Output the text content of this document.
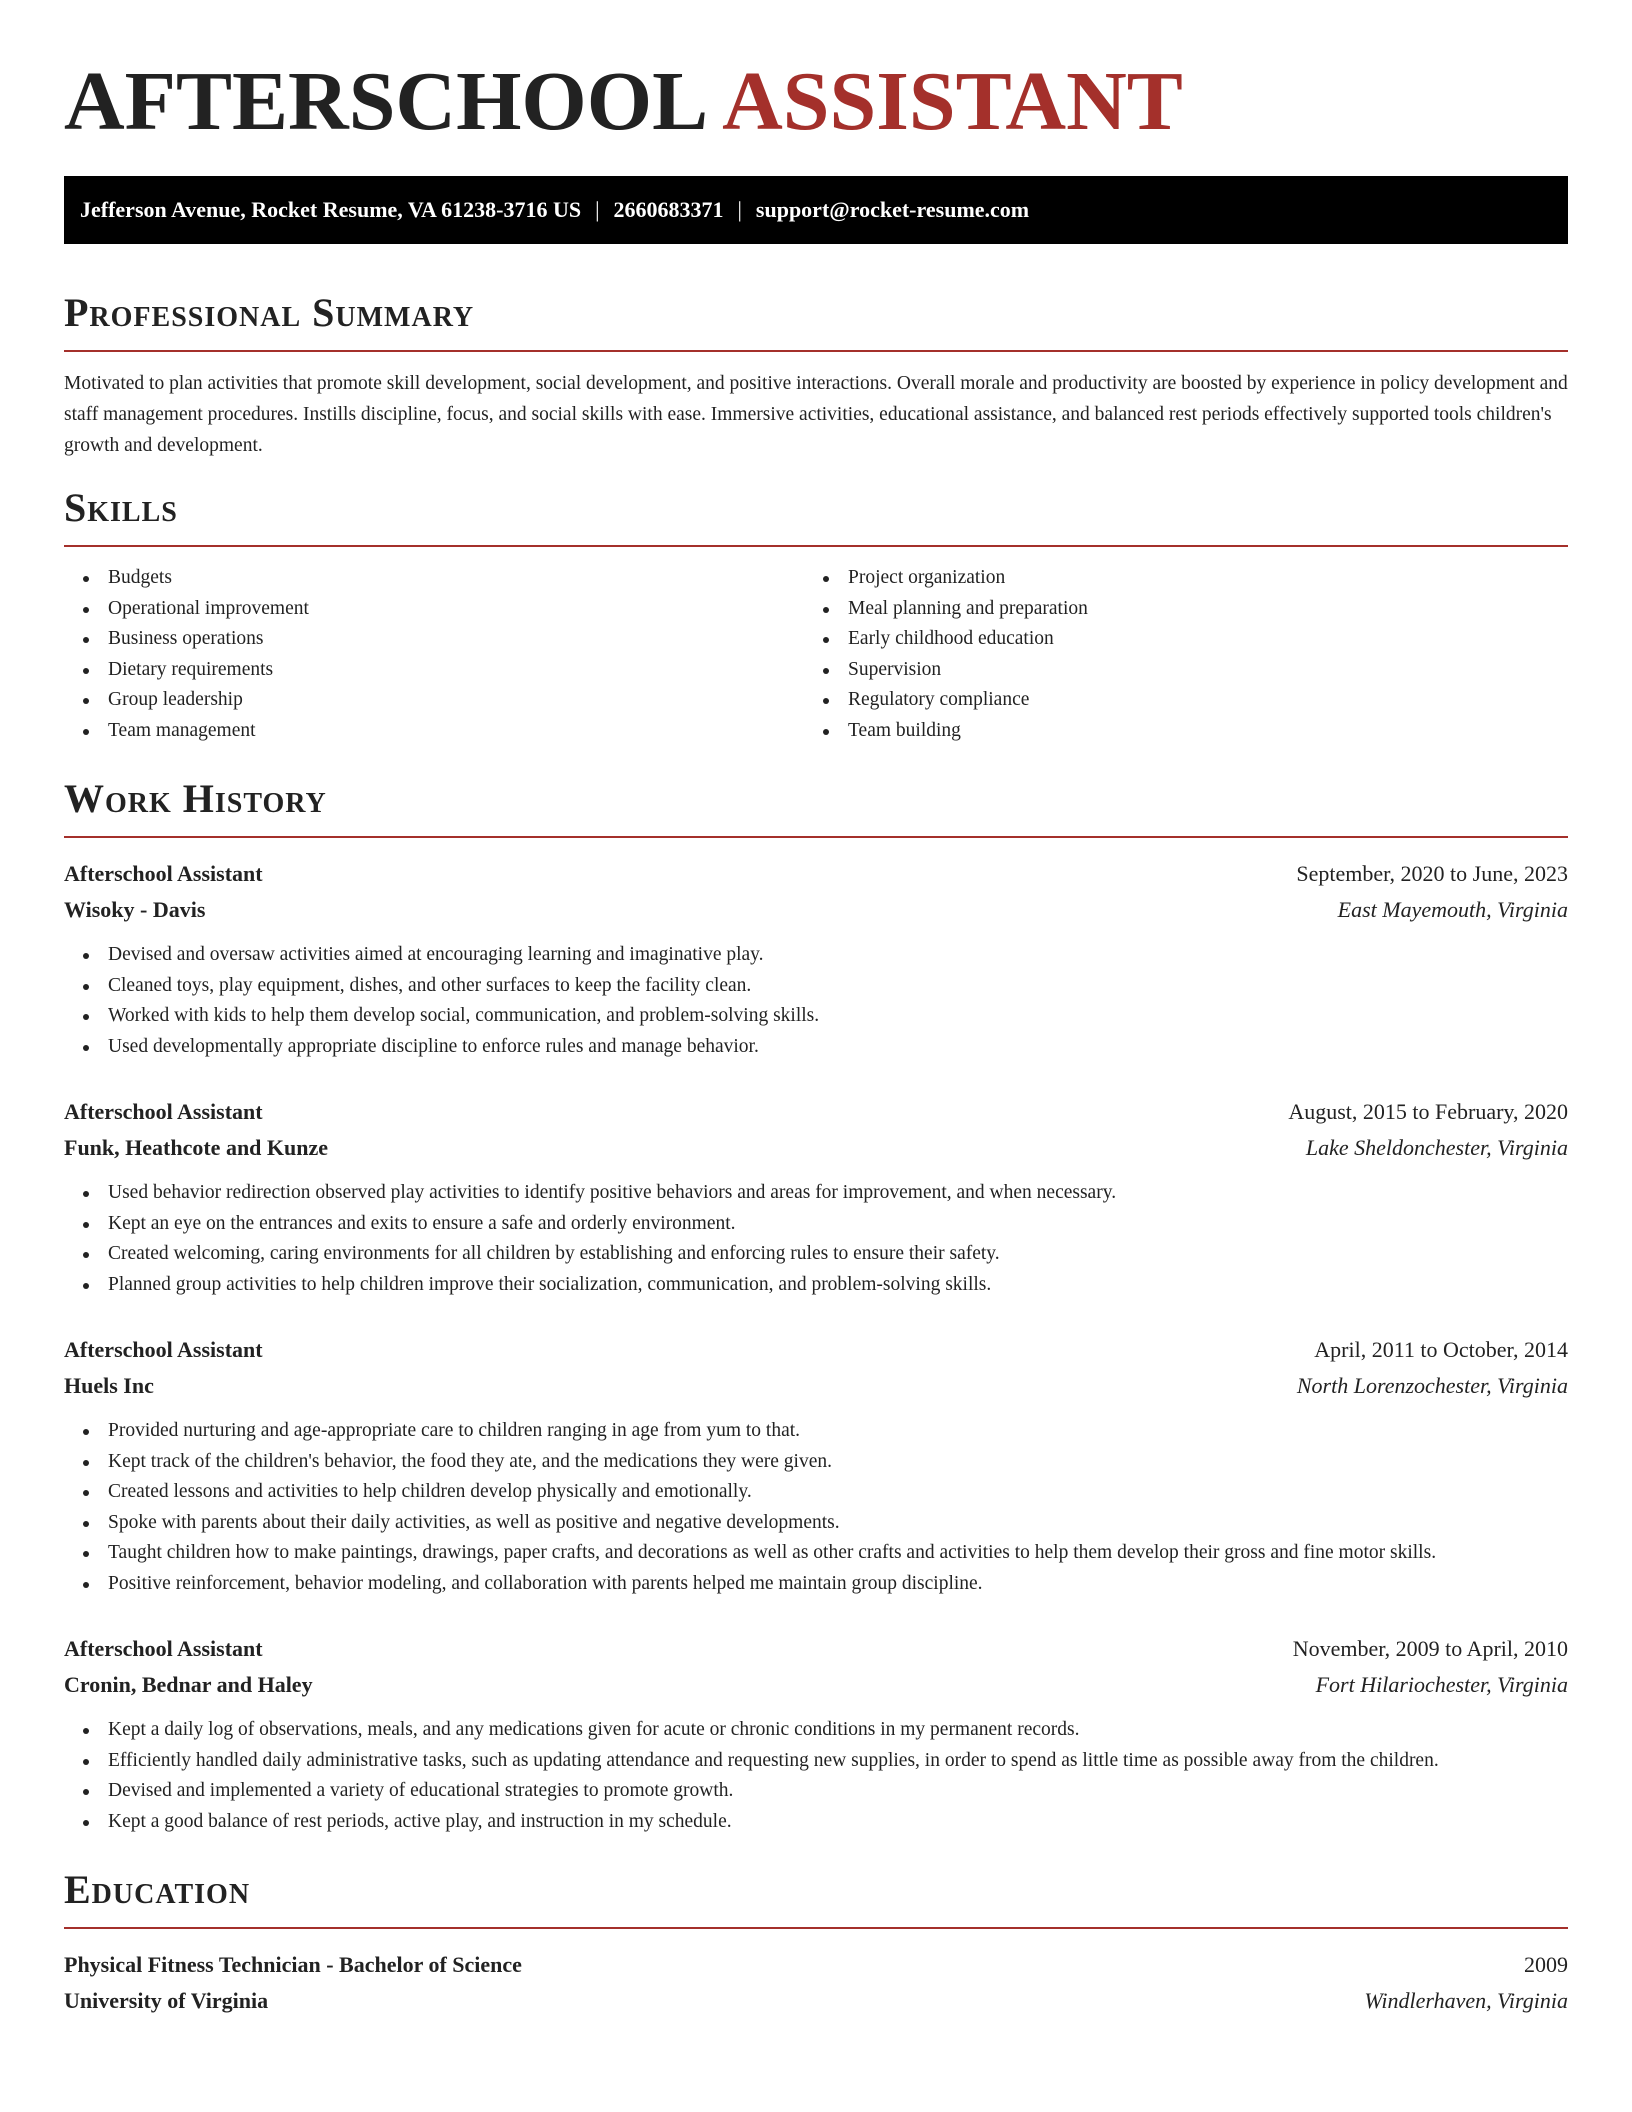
AFTERSCHOOL ASSISTANT
Jefferson Avenue, Rocket Resume, VA 61238-3716 US | 2660683371 | support@rocket-resume.com
Professional Summary

Motivated to plan activities that promote skill development, social development, and positive interactions. Overall morale and productivity are boosted by experience in policy development and staff management procedures. Instills discipline, focus, and social skills with ease. Immersive activities, educational assistance, and balanced rest periods effectively supported tools children's growth and development.

Skills
Budgets
Operational improvement
Business operations
Dietary requirements
Group leadership
Team management
Project organization
Meal planning and preparation
Early childhood education
Supervision
Regulatory compliance
Team building
Work History
Afterschool Assistant	September, 2020 to June, 2023
Wisoky - Davis	East Mayemouth, Virginia
Devised and oversaw activities aimed at encouraging learning and imaginative play.
Cleaned toys, play equipment, dishes, and other surfaces to keep the facility clean.
Worked with kids to help them develop social, communication, and problem-solving skills.
Used developmentally appropriate discipline to enforce rules and manage behavior.
Afterschool Assistant	August, 2015 to February, 2020
Funk, Heathcote and Kunze	Lake Sheldonchester, Virginia
Used behavior redirection observed play activities to identify positive behaviors and areas for improvement, and when necessary.
Kept an eye on the entrances and exits to ensure a safe and orderly environment.
Created welcoming, caring environments for all children by establishing and enforcing rules to ensure their safety.
Planned group activities to help children improve their socialization, communication, and problem-solving skills.
Afterschool Assistant	April, 2011 to October, 2014
Huels Inc	North Lorenzochester, Virginia
Provided nurturing and age-appropriate care to children ranging in age from yum to that.
Kept track of the children's behavior, the food they ate, and the medications they were given.
Created lessons and activities to help children develop physically and emotionally.
Spoke with parents about their daily activities, as well as positive and negative developments.
Taught children how to make paintings, drawings, paper crafts, and decorations as well as other crafts and activities to help them develop their gross and fine motor skills.
Positive reinforcement, behavior modeling, and collaboration with parents helped me maintain group discipline.
Afterschool Assistant	November, 2009 to April, 2010
Cronin, Bednar and Haley	Fort Hilariochester, Virginia
Kept a daily log of observations, meals, and any medications given for acute or chronic conditions in my permanent records.
Efficiently handled daily administrative tasks, such as updating attendance and requesting new supplies, in order to spend as little time as possible away from the children.
Devised and implemented a variety of educational strategies to promote growth.
Kept a good balance of rest periods, active play, and instruction in my schedule.
Education
Physical Fitness Technician - Bachelor of Science	2009
University of Virginia	Windlerhaven, Virginia
